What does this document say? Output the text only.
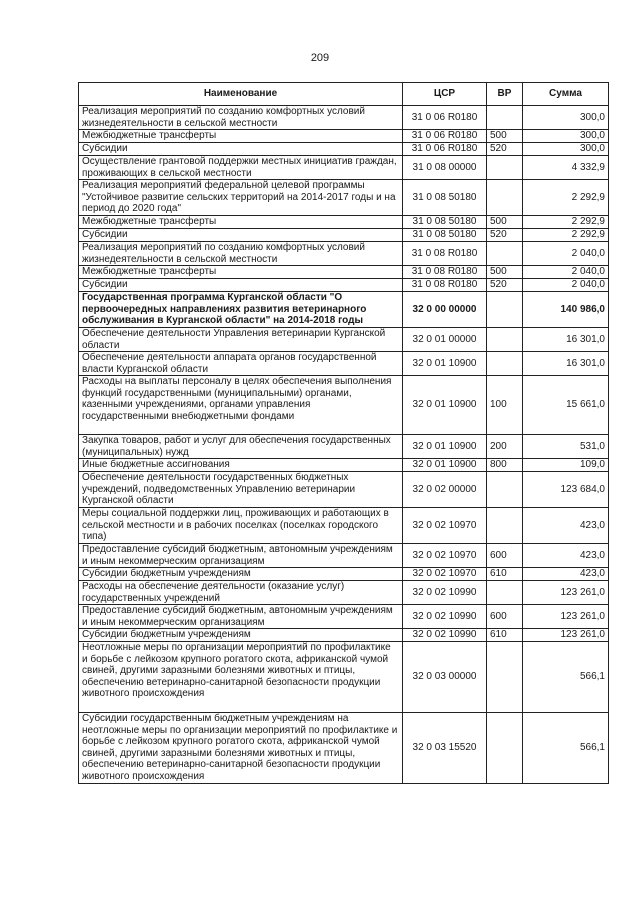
209
Наименование	ЦСР	ВР	Сумма
Реализация мероприятий по созданию комфортных условий жизнедеятельности в сельской местности	31 0 06 R0180		300,0
Межбюджетные трансферты	31 0 06 R0180	500	300,0
Субсидии	31 0 06 R0180	520	300,0
Осуществление грантовой поддержки местных инициатив граждан, проживающих в сельской местности	31 0 08 00000		4 332,9
Реализация мероприятий федеральной целевой программы "Устойчивое развитие сельских территорий на 2014-2017 годы и на период до 2020 года"	31 0 08 50180		2 292,9
Межбюджетные трансферты	31 0 08 50180	500	2 292,9
Субсидии	31 0 08 50180	520	2 292,9
Реализация мероприятий по созданию комфортных условий жизнедеятельности в сельской местности	31 0 08 R0180		2 040,0
Межбюджетные трансферты	31 0 08 R0180	500	2 040,0
Субсидии	31 0 08 R0180	520	2 040,0
Государственная программа Курганской области "О первоочередных направлениях развития ветеринарного обслуживания в Курганской области" на 2014-2018 годы	32 0 00 00000		140 986,0
Обеспечение деятельности Управления ветеринарии Курганской области	32 0 01 00000		16 301,0
Обеспечение деятельности аппарата органов государственной власти Курганской области	32 0 01 10900		16 301,0
Расходы на выплаты персоналу в целях обеспечения выполнения функций государственными (муниципальными) органами, казенными учреждениями, органами управления государственными внебюджетными фондами	32 0 01 10900	100	15 661,0
Закупка товаров, работ и услуг для обеспечения государственных (муниципальных) нужд	32 0 01 10900	200	531,0
Иные бюджетные ассигнования	32 0 01 10900	800	109,0
Обеспечение деятельности государственных бюджетных учреждений, подведомственных Управлению ветеринарии Курганской области	32 0 02 00000		123 684,0
Меры социальной поддержки лиц, проживающих и работающих в сельской местности и в рабочих поселках (поселках городского типа)	32 0 02 10970		423,0
Предоставление субсидий бюджетным, автономным учреждениям и иным некоммерческим организациям	32 0 02 10970	600	423,0
Субсидии бюджетным учреждениям	32 0 02 10970	610	423,0
Расходы на обеспечение деятельности (оказание услуг) государственных учреждений	32 0 02 10990		123 261,0
Предоставление субсидий бюджетным, автономным учреждениям и иным некоммерческим организациям	32 0 02 10990	600	123 261,0
Субсидии бюджетным учреждениям	32 0 02 10990	610	123 261,0
Неотложные меры по организации мероприятий по профилактике и борьбе с лейкозом крупного рогатого скота, африканской чумой свиней, другими заразными болезнями животных и птицы, обеспечению ветеринарно-санитарной безопасности продукции животного происхождения	32 0 03 00000		566,1
Субсидии государственным бюджетным учреждениям на неотложные меры по организации мероприятий по профилактике и борьбе с лейкозом крупного рогатого скота, африканской чумой свиней, другими заразными болезнями животных и птицы, обеспечению ветеринарно-санитарной безопасности продукции животного происхождения	32 0 03 15520		566,1
